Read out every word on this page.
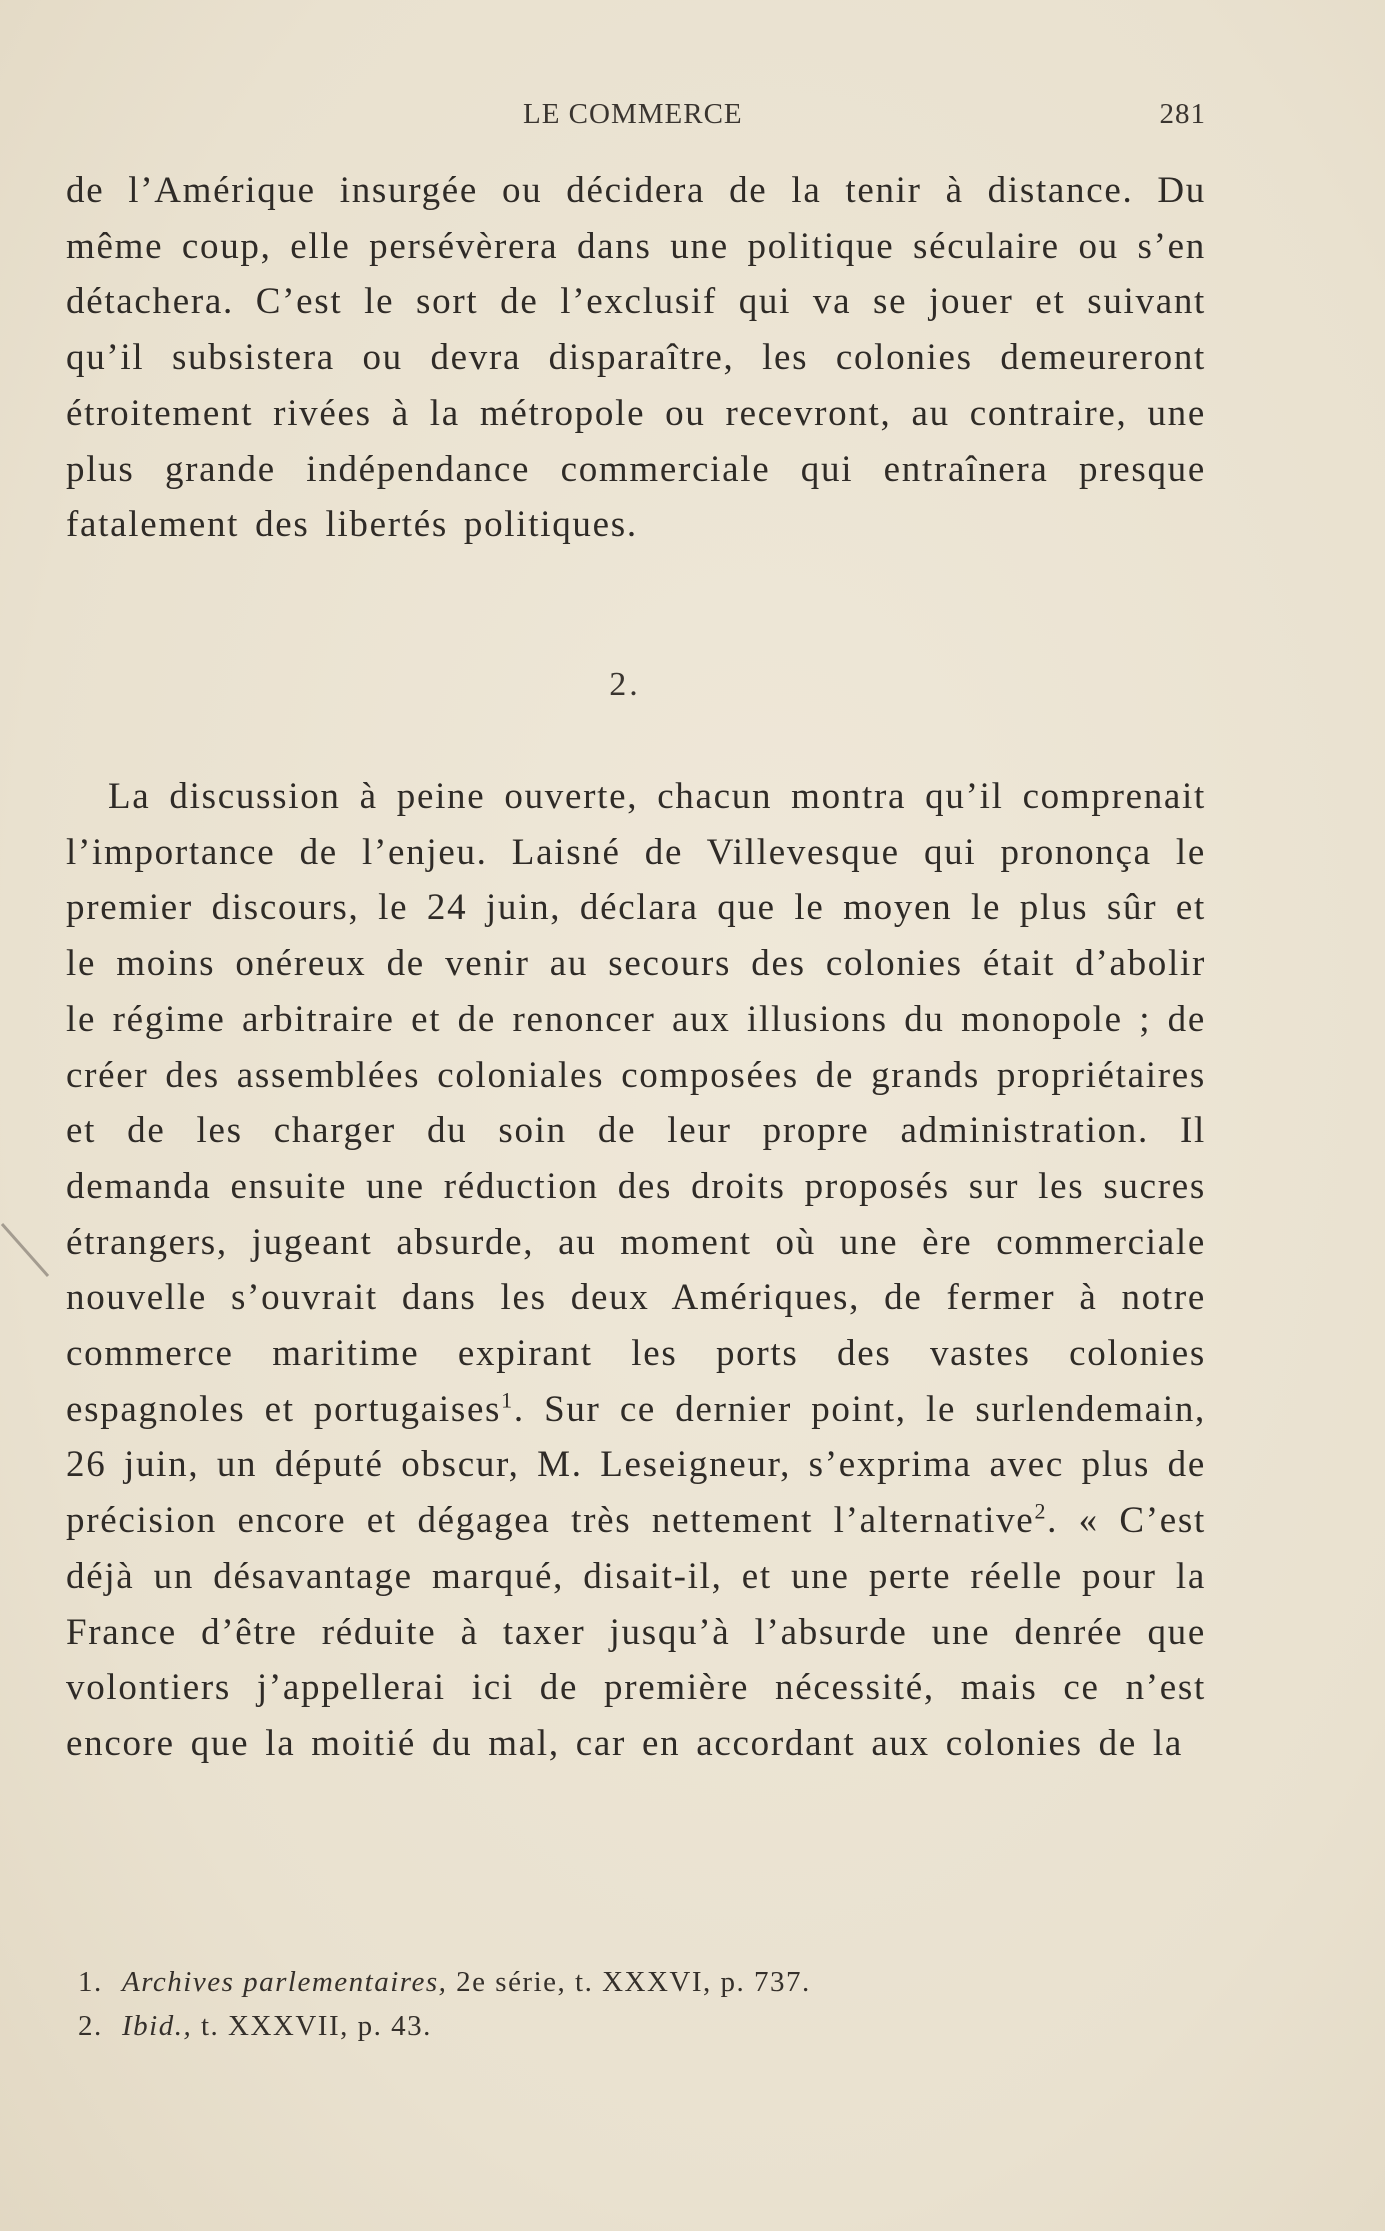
LE COMMERCE	281

de l’Amérique insurgée ou décidera de la tenir à distance. Du même coup, elle persévèrera dans une politique séculaire ou s’en détachera. C’est le sort de l’exclusif qui va se jouer et suivant qu’il subsistera ou devra disparaître, les colonies demeureront étroitement rivées à la métropole ou recevront, au contraire, une plus grande indépendance commerciale qui entraînera presque fatalement des libertés politiques.

2.

La discussion à peine ouverte, chacun montra qu’il comprenait l’importance de l’enjeu. Laisné de Villevesque qui prononça le premier discours, le 24 juin, déclara que le moyen le plus sûr et le moins onéreux de venir au secours des colonies était d’abolir le régime arbitraire et de renoncer aux illusions du monopole ; de créer des assemblées coloniales composées de grands propriétaires et de les charger du soin de leur propre administration. Il demanda ensuite une réduction des droits proposés sur les sucres étrangers, jugeant absurde, au moment où une ère commerciale nouvelle s’ouvrait dans les deux Amériques, de fermer à notre commerce maritime expirant les ports des vastes colonies espagnoles et portugaises$^1$. Sur ce dernier point, le surlendemain, 26 juin, un député obscur, M. Leseigneur, s’exprima avec plus de précision encore et dégagea très nettement l’alternative$^2$. « C’est déjà un désavantage marqué, disait-il, et une perte réelle pour la France d’être réduite à taxer jusqu’à l’absurde une denrée que volontiers j’appellerai ici de première nécessité, mais ce n’est encore que la moitié du mal, car en accordant aux colonies de la

1. Archives parlementaires, 2e série, t. XXXVI, p. 737.
2. Ibid., t. XXXVII, p. 43.
